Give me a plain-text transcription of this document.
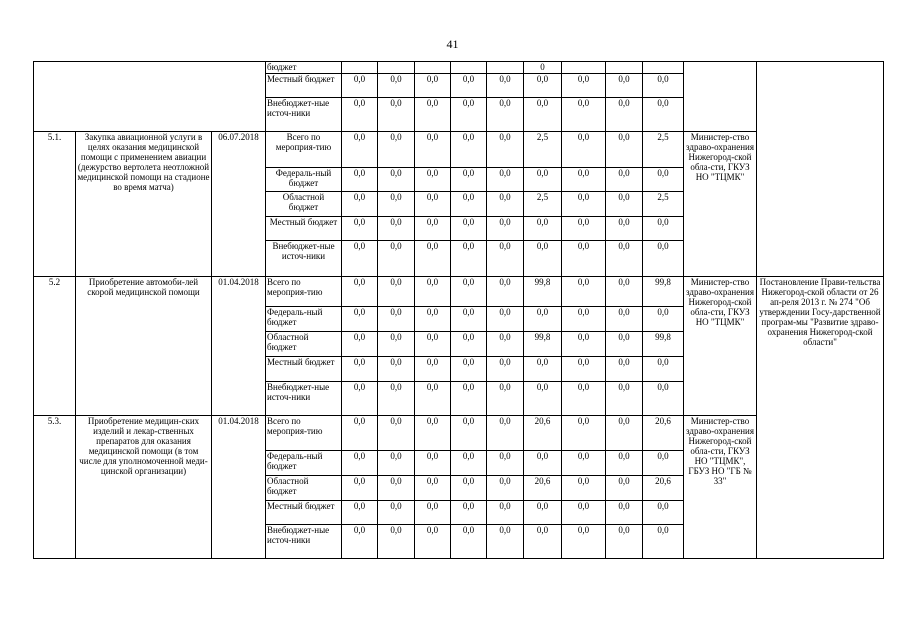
41
			бюджет						0					
			Местный бюджет	0,0	0,0	0,0	0,0	0,0	0,0	0,0	0,0	0,0		
			Внебюджет-ные источ-ники	0,0	0,0	0,0	0,0	0,0	0,0	0,0	0,0	0,0		
5.1.	Закупка авиационной услуги в целях оказания медицинской помощи с применением авиации (дежурство вертолета неотложной медицинской помощи на стадионе во время матча)	06.07.2018	Всего по мероприя-тию	0,0	0,0	0,0	0,0	0,0	2,5	0,0	0,0	2,5	Министер-ство здраво-охранения Нижегород-ской обла-сти, ГКУЗ НО "ТЦМК"	
			Федераль-ный бюджет	0,0	0,0	0,0	0,0	0,0	0,0	0,0	0,0	0,0		
			Областной бюджет	0,0	0,0	0,0	0,0	0,0	2,5	0,0	0,0	2,5		
			Местный бюджет	0,0	0,0	0,0	0,0	0,0	0,0	0,0	0,0	0,0		
			Внебюджет-ные источ-ники	0,0	0,0	0,0	0,0	0,0	0,0	0,0	0,0	0,0		
5.2	Приобретение автомоби-лей скорой медицинской помощи	01.04.2018	Всего по мероприя-тию	0,0	0,0	0,0	0,0	0,0	99,8	0,0	0,0	99,8	Министер-ство здраво-охранения Нижегород-ской обла-сти, ГКУЗ НО "ТЦМК"	Постановление Прави-тельства Нижегород-ской области от 26 ап-реля 2013 г. № 274 "Об утверждении Госу-дарственной програм-мы "Развитие здраво-охранения Нижегород-ской области"
			Федераль-ный бюджет	0,0	0,0	0,0	0,0	0,0	0,0	0,0	0,0	0,0		
			Областной бюджет	0,0	0,0	0,0	0,0	0,0	99,8	0,0	0,0	99,8		
			Местный бюджет	0,0	0,0	0,0	0,0	0,0	0,0	0,0	0,0	0,0		
			Внебюджет-ные источ-ники	0,0	0,0	0,0	0,0	0,0	0,0	0,0	0,0	0,0		
5.3.	Приобретение медицин-ских изделий и лекар-ственных препаратов для оказания медицинской помощи (в том числе для уполномоченной меди-цинской организации)	01.04.2018	Всего по мероприя-тию	0,0	0,0	0,0	0,0	0,0	20,6	0,0	0,0	20,6	Министер-ство здраво-охранения Нижегород-ской обла-сти, ГКУЗ НО "ТЦМК", ГБУЗ НО "ГБ № 33"	
			Федераль-ный бюджет	0,0	0,0	0,0	0,0	0,0	0,0	0,0	0,0	0,0		
			Областной бюджет	0,0	0,0	0,0	0,0	0,0	20,6	0,0	0,0	20,6		
			Местный бюджет	0,0	0,0	0,0	0,0	0,0	0,0	0,0	0,0	0,0		
			Внебюджет-ные источ-ники	0,0	0,0	0,0	0,0	0,0	0,0	0,0	0,0	0,0		
